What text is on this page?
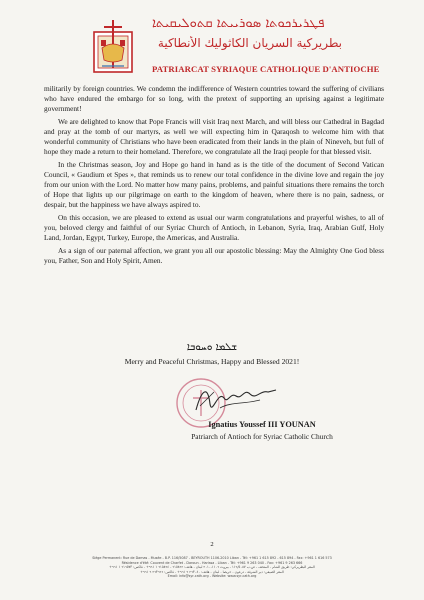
ܦܛܪܝܪܟܘܬܐ ܣܘܪܝܝܬܐ ܩܬܘܠܝܩܝܬܐ
بطريركية السريان الكاثوليك الأنطاكية
PATRIARCAT SYRIAQUE CATHOLIQUE D'ANTIOCHE

militarily by foreign countries. We condemn the indifference of Western countries toward the suffering of civilians who have endured the embargo for so long, with the pretext of supporting an uprising against a legitimate government!

We are delighted to know that Pope Francis will visit Iraq next March, and will bless our Cathedral in Bagdad and pray at the tomb of our martyrs, as well we will expecting him in Qaraqosh to welcome him with that wonderful community of Christians who have been eradicated from their lands in the plain of Nineveh, but full of hope they made a return to their homeland. Therefore, we congratulate all the Iraqi people for that blessed visit.

In the Christmas season, Joy and Hope go hand in hand as is the title of the document of Second Vatican Council, « Gaudium et Spes », that reminds us to renew our total confidence in the divine love and regain the joy from our union with the Lord. No matter how many pains, problems, and painful situations there remains the torch of Hope that lights up our pilgrimage on earth to the kingdom of heaven, where there is no pain, sadness, or despair, but the happiness we have always aspired to.

On this occasion, we are pleased to extend as usual our warm congratulations and prayerful wishes, to all of you, beloved clergy and faithful of our Syriac Church of Antioch, in Lebanon, Syria, Iraq, Arabian Gulf, Holy Land, Jordan, Egypt, Turkey, Europe, the Americas, and Australia.

As a sign of our paternal affection, we grant you all our apostolic blessing: May the Almighty One God bless you, Father, Son and Holy Spirit, Amen.

ܫܠܡܐ ܘܚܘܒܐ
Merry and Peaceful Christmas, Happy and Blessed 2021!
Ignatius Youssef III YOUNAN
Patriarch of Antioch for Syriac Catholic Church
2
Siège Permanent: Rue de Damas - Musée - B.P. 116/5087 - BEYROUTH 1106-2010 Liban - Tél: +961 1 615 892 - 615 894 - Fax: +961 1 616 573
Résidence d'été: Couvent de Charfet - Daroun - Harissa - Liban - Tél: +961 9 263 040 - Fax: +961 9 263 666
المقر البطريركي: طريق الشام - المتحف - ص.ب ١١٦/٥٠٨٧ - بيروت ١١٠٦-٢٠١٠ لبنان - هاتف: ٦١٥٨٩٢ - ٦١٥٨٩٤ ١ ٩٦١+ - فاكس: ٦١٦٥٧٣ ١ ٩٦١+
المقر الصيفي: دير الشرفة - درعون - حريصا - لبنان - هاتف: ٢٦٣٠٤٠ ٩ ٩٦١+ - فاكس: ٢٦٣٦٦٦ ٩ ٩٦١+
Email: info@syr-cath.org - Website: www.syr-cath.org
